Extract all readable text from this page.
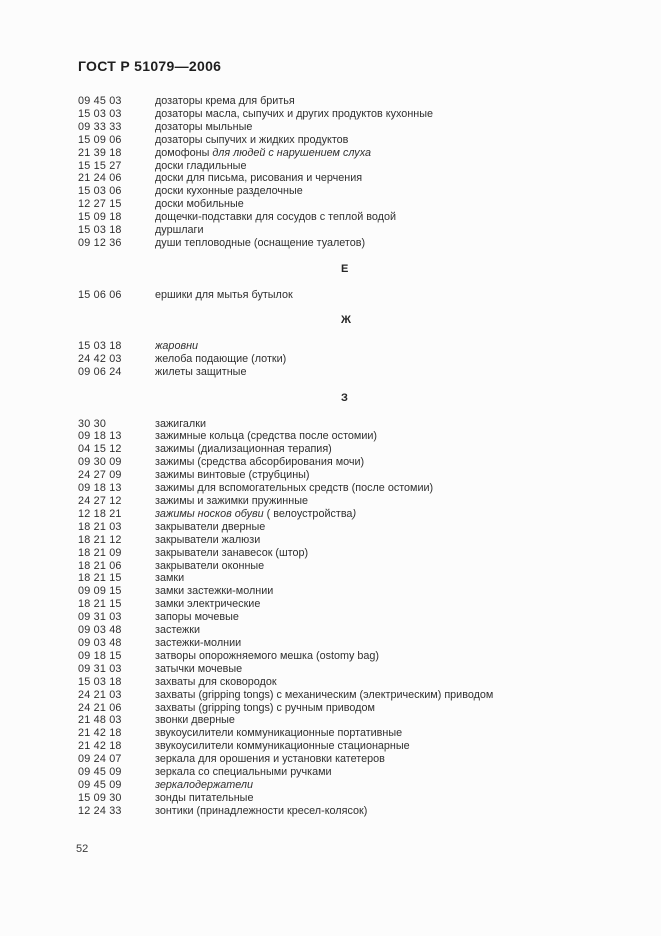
ГОСТ Р 51079—2006
09 45 03	дозаторы крема для бритья
15 03 03	дозаторы масла, сыпучих и других продуктов кухонные
09 33 33	дозаторы мыльные
15 09 06	дозаторы сыпучих и жидких продуктов
21 39 18	домофоны для людей с нарушением слуха
15 15 27	доски гладильные
21 24 06	доски для письма, рисования и черчения
15 03 06	доски кухонные разделочные
12 27 15	доски мобильные
15 09 18	дощечки-подставки для сосудов с теплой водой
15 03 18	дуршлаги
09 12 36	души тепловодные (оснащение туалетов)
Е
15 06 06	ершики для мытья бутылок
Ж
15 03 18	жаровни
24 42 03	желоба подающие (лотки)
09 06 24	жилеты защитные
З
30 30	зажигалки
09 18 13	зажимные кольца (средства после остомии)
04 15 12	зажимы (диализационная терапия)
09 30 09	зажимы (средства абсорбирования мочи)
24 27 09	зажимы винтовые (струбцины)
09 18 13	зажимы для вспомогательных средств (после остомии)
24 27 12	зажимы и зажимки пружинные
12 18 21	зажимы носков обуви ( велоустройства)
18 21 03	закрыватели дверные
18 21 12	закрыватели жалюзи
18 21 09	закрыватели занавесок (штор)
18 21 06	закрыватели оконные
18 21 15	замки
09 09 15	замки застежки-молнии
18 21 15	замки электрические
09 31 03	запоры мочевые
09 03 48	застежки
09 03 48	застежки-молнии
09 18 15	затворы опорожняемого мешка (ostomy bag)
09 31 03	затычки мочевые
15 03 18	захваты для сковородок
24 21 03	захваты (gripping tongs) с механическим (электрическим) приводом
24 21 06	захваты (gripping tongs) с ручным приводом
21 48 03	звонки дверные
21 42 18	звукоусилители коммуникационные портативные
21 42 18	звукоусилители коммуникационные стационарные
09 24 07	зеркала для орошения и установки катетеров
09 45 09	зеркала со специальными ручками
09 45 09	зеркалодержатели
15 09 30	зонды питательные
12 24 33	зонтики (принадлежности кресел-колясок)
52
